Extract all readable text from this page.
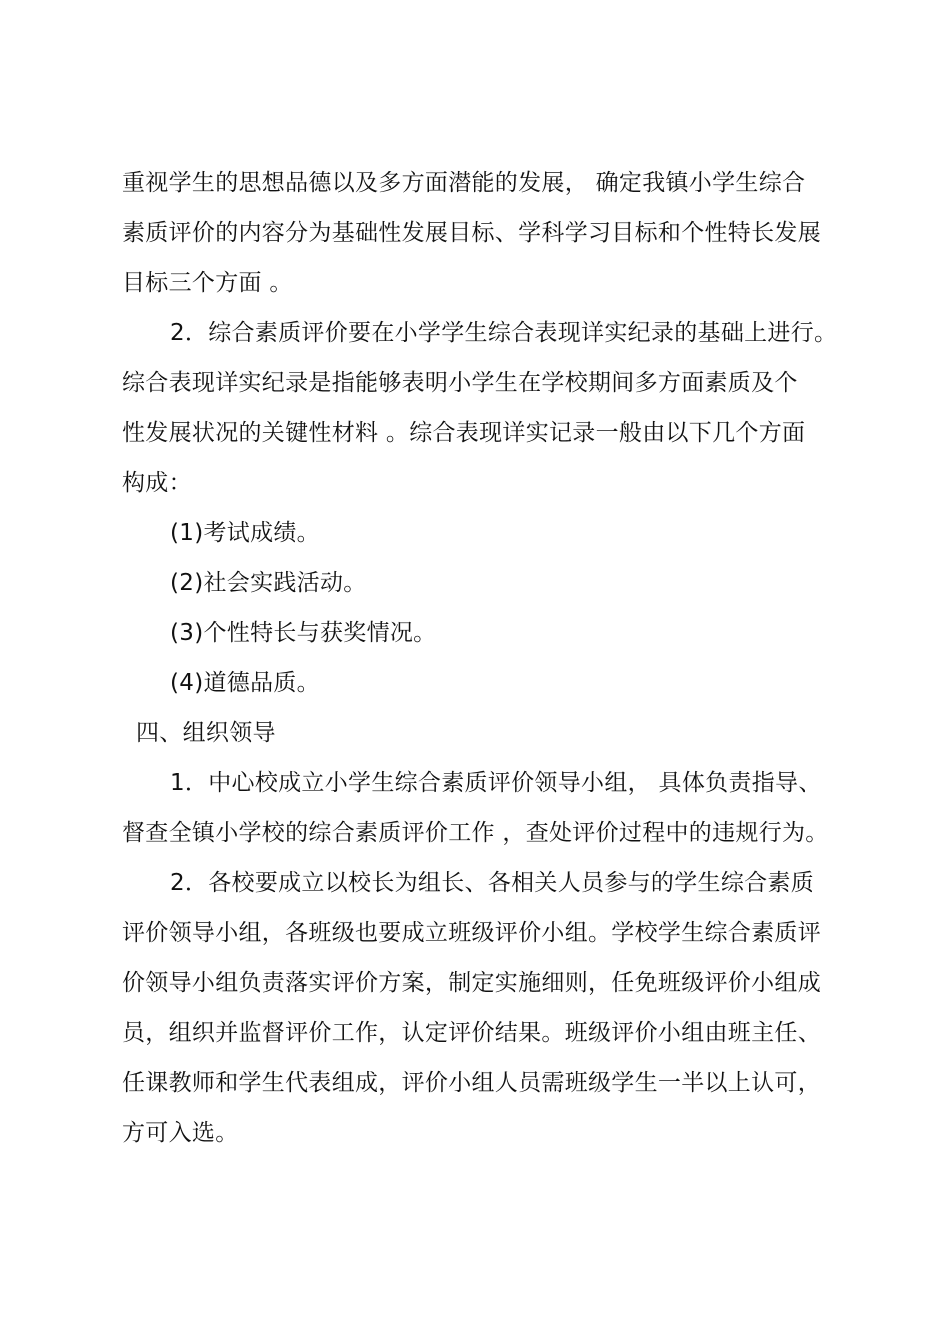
重视学生的思想品德以及多方面潜能的发展， 确定我镇小学生综合
素质评价的内容分为基础性发展目标、学科学习目标和个性特长发展
目标三个方面 。
2．综合素质评价要在小学学生综合表现详实纪录的基础上进行。
综合表现详实纪录是指能够表明小学生在学校期间多方面素质及个
性发展状况的关键性材料 。综合表现详实记录一般由以下几个方面
构成：
(1)考试成绩。
(2)社会实践活动。
(3)个性特长与获奖情况。
(4)道德品质。
四、组织领导
1．中心校成立小学生综合素质评价领导小组， 具体负责指导、
督查全镇小学校的综合素质评价工作 ，查处评价过程中的违规行为。
2．各校要成立以校长为组长、各相关人员参与的学生综合素质
评价领导小组，各班级也要成立班级评价小组。学校学生综合素质评
价领导小组负责落实评价方案，制定实施细则，任免班级评价小组成
员，组织并监督评价工作，认定评价结果。班级评价小组由班主任、
任课教师和学生代表组成，评价小组人员需班级学生一半以上认可，
方可入选。
